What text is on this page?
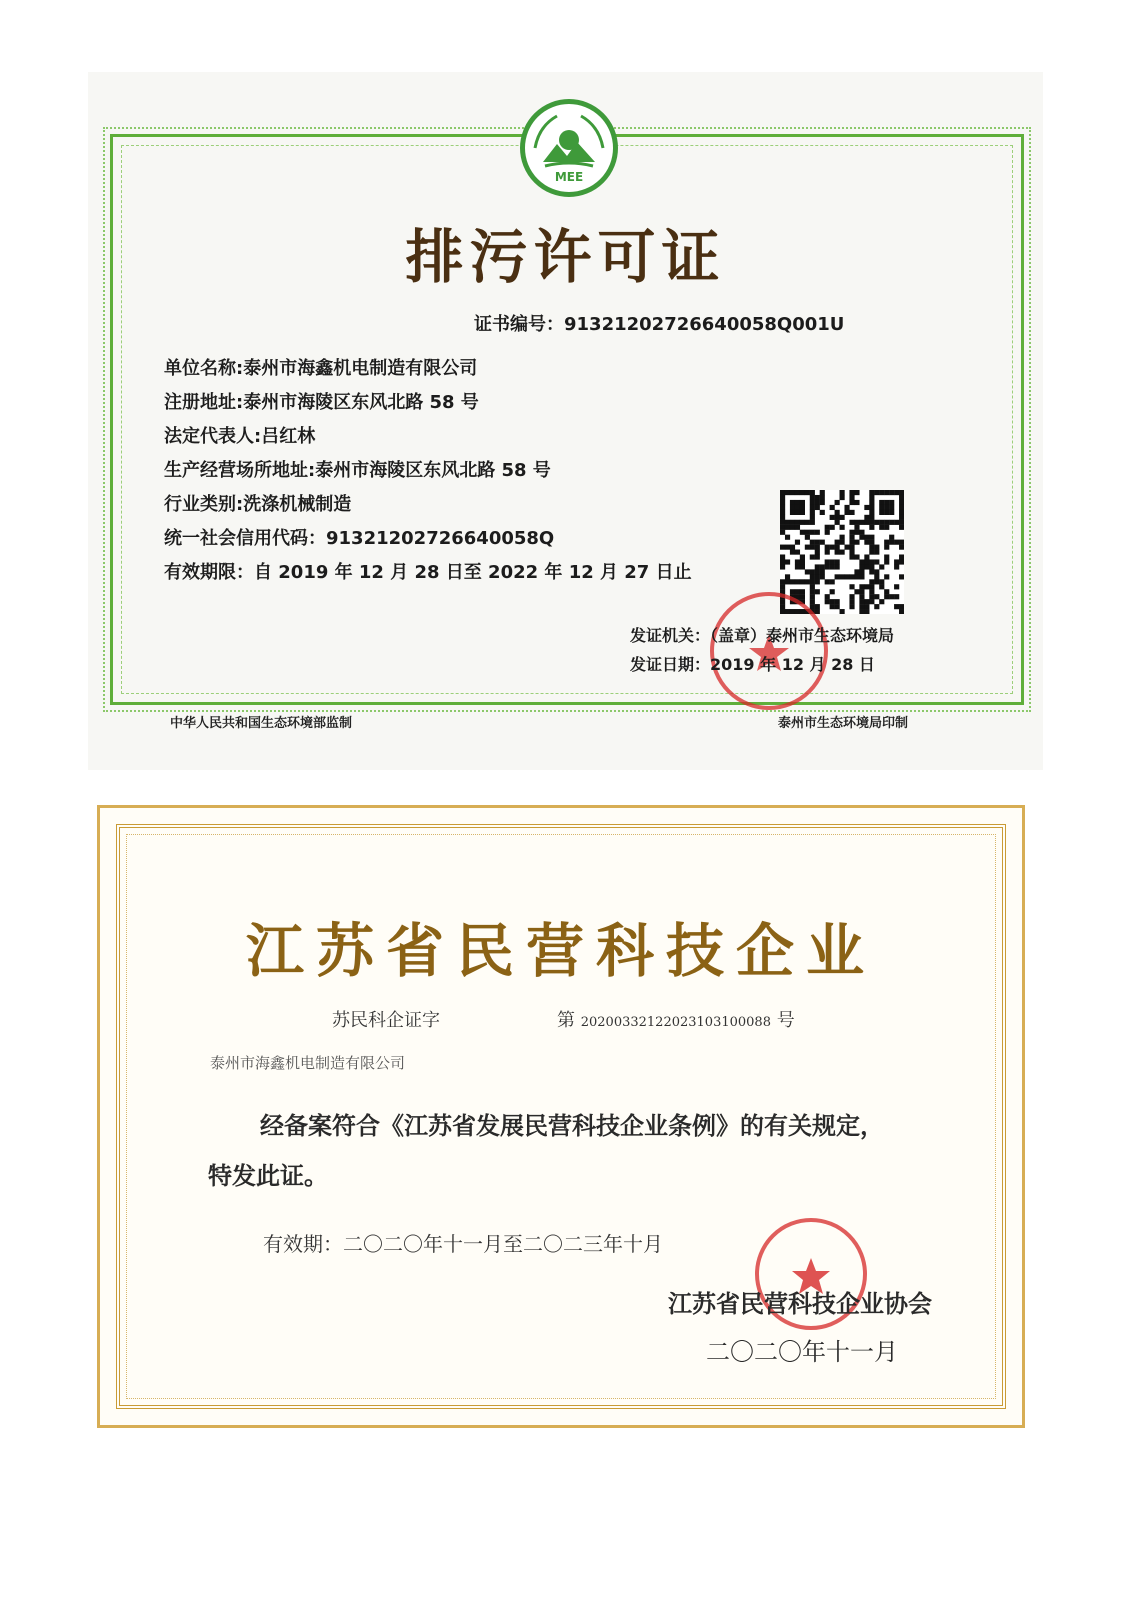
MEE
排污许可证
证书编号：91321202726640058Q001U
单位名称:泰州市海鑫机电制造有限公司
注册地址:泰州市海陵区东风北路 58 号
法定代表人:吕红林
生产经营场所地址:泰州市海陵区东风北路 58 号
行业类别:洗涤机械制造
统一社会信用代码：91321202726640058Q
有效期限：自 2019 年 12 月 28 日至 2022 年 12 月 27 日止
发证机关：（盖章）泰州市生态环境局
发证日期：2019 年 12 月 28 日
中华人民共和国生态环境部监制	泰州市生态环境局印制
江苏省民营科技企业
苏民科企证字	第 20200332122023103100088 号
泰州市海鑫机电制造有限公司
经备案符合《江苏省发展民营科技企业条例》的有关规定，
特发此证。
有效期：二〇二〇年十一月至二〇二三年十月
江苏省民营科技企业协会
二〇二〇年十一月
